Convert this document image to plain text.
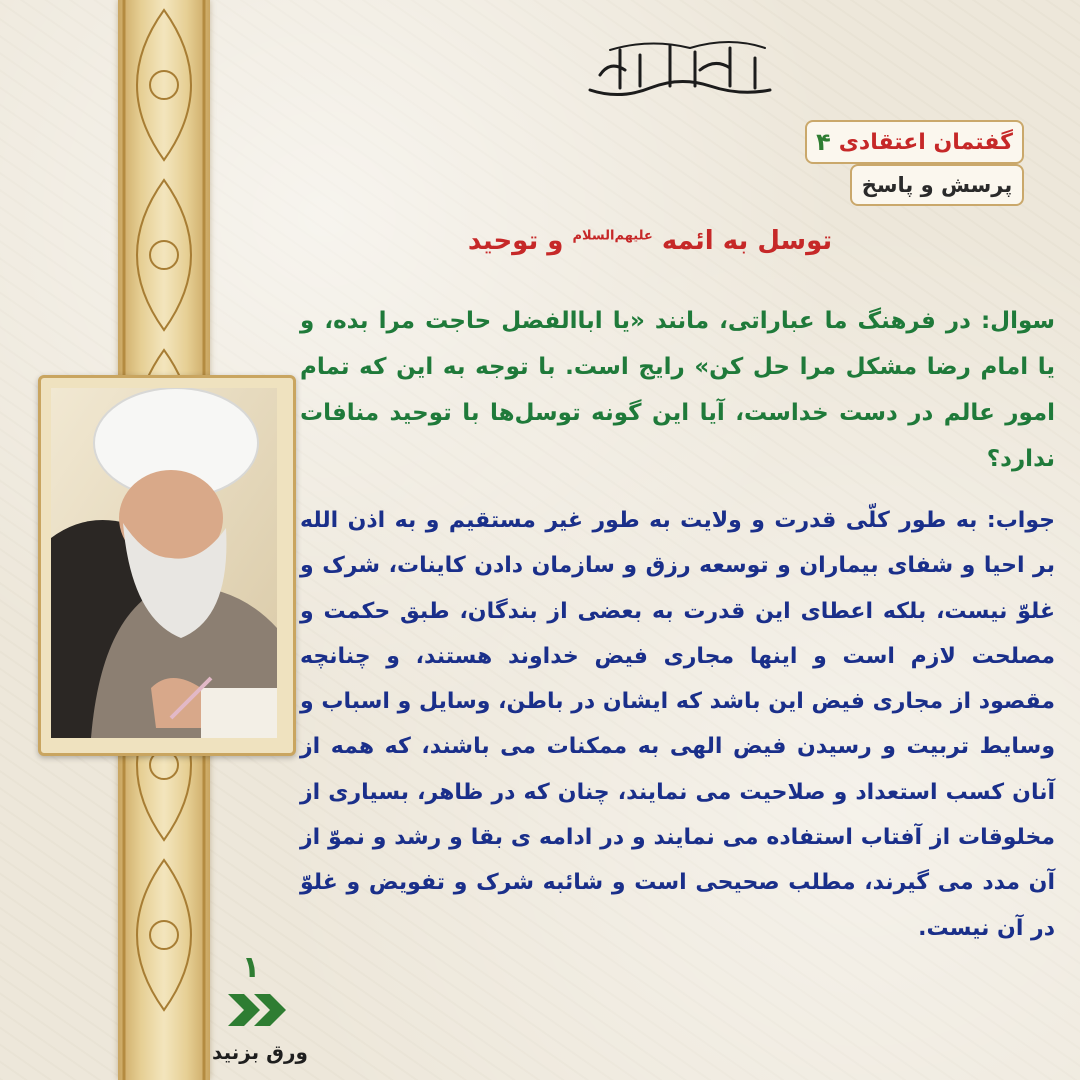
گفتمان اعتقادی
۴
پرسش و پاسخ
توسل به ائمه $^{علیهم‌السلام}$ و توحید
سوال: در فرهنگ ما عباراتی، مانند «یا اباالفضل حاجت مرا بده، و یا امام رضا مشکل مرا حل کن» رایج است. با توجه به این که تمام امور عالم در دست خداست، آیا این گونه توسل‌ها با توحید منافات ندارد؟
جواب: به طور کلّی قدرت و ولایت به طور غیر مستقیم و به اذن الله بر احیا و شفای بیماران و توسعه رزق و سازمان دادن کاینات، شرک و غلوّ نیست، بلکه اعطای این قدرت به بعضی از بندگان، طبق حکمت و مصلحت لازم است و اینها مجاری فیض خداوند هستند، و چنانچه مقصود از مجاری فیض این باشد که ایشان در باطن، وسایل و اسباب و وسایط تربیت و رسیدن فیض الهی به ممکنات می باشند، که همه از آنان کسب استعداد و صلاحیت می نمایند، چنان که در ظاهر، بسیاری از مخلوقات از آفتاب استفاده می نمایند و در ادامه ی بقا و رشد و نموّ از آن مدد می گیرند، مطلب صحیحی است و شائبه شرک و تفویض و غلوّ در آن نیست.
۱
ورق بزنید
